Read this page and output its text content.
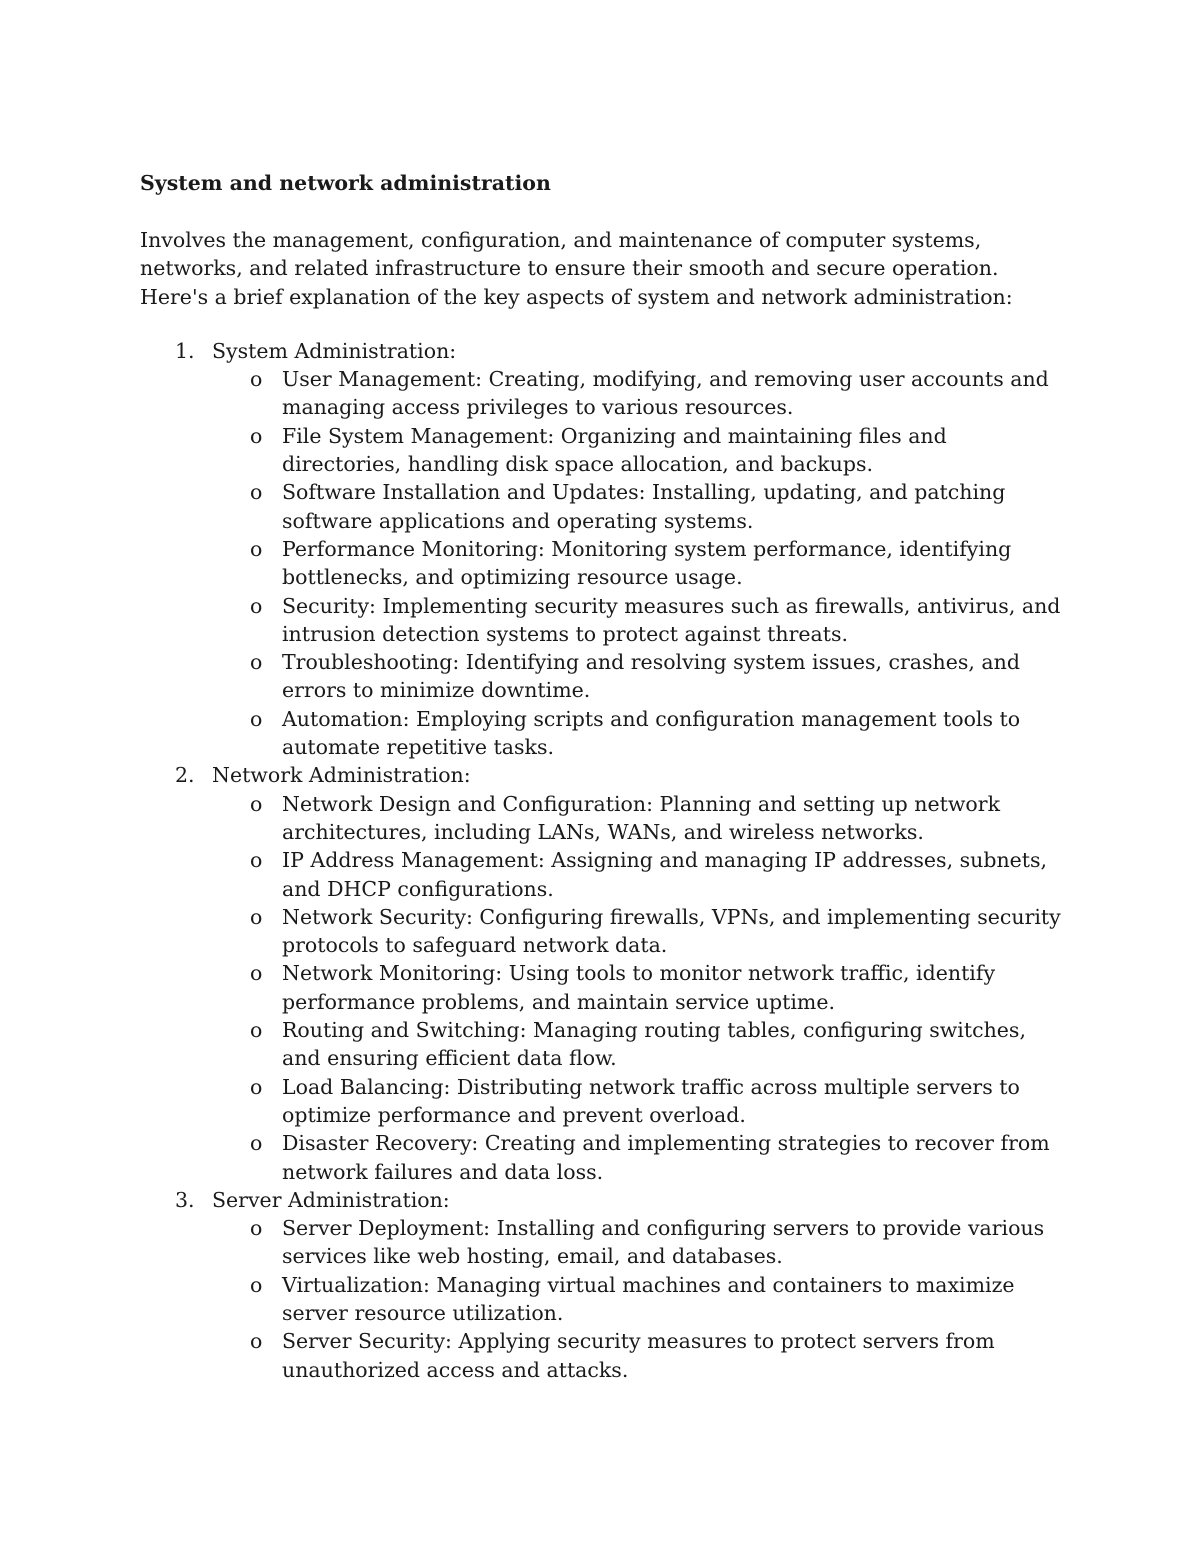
System and network administration
Involves the management, configuration, and maintenance of computer systems, networks, and related infrastructure to ensure their smooth and secure operation. Here's a brief explanation of the key aspects of system and network administration:
1. System Administration:
o User Management: Creating, modifying, and removing user accounts and managing access privileges to various resources.
o File System Management: Organizing and maintaining files and directories, handling disk space allocation, and backups.
o Software Installation and Updates: Installing, updating, and patching software applications and operating systems.
o Performance Monitoring: Monitoring system performance, identifying bottlenecks, and optimizing resource usage.
o Security: Implementing security measures such as firewalls, antivirus, and intrusion detection systems to protect against threats.
o Troubleshooting: Identifying and resolving system issues, crashes, and errors to minimize downtime.
o Automation: Employing scripts and configuration management tools to automate repetitive tasks.
2. Network Administration:
o Network Design and Configuration: Planning and setting up network architectures, including LANs, WANs, and wireless networks.
o IP Address Management: Assigning and managing IP addresses, subnets, and DHCP configurations.
o Network Security: Configuring firewalls, VPNs, and implementing security protocols to safeguard network data.
o Network Monitoring: Using tools to monitor network traffic, identify performance problems, and maintain service uptime.
o Routing and Switching: Managing routing tables, configuring switches, and ensuring efficient data flow.
o Load Balancing: Distributing network traffic across multiple servers to optimize performance and prevent overload.
o Disaster Recovery: Creating and implementing strategies to recover from network failures and data loss.
3. Server Administration:
o Server Deployment: Installing and configuring servers to provide various services like web hosting, email, and databases.
o Virtualization: Managing virtual machines and containers to maximize server resource utilization.
o Server Security: Applying security measures to protect servers from unauthorized access and attacks.
